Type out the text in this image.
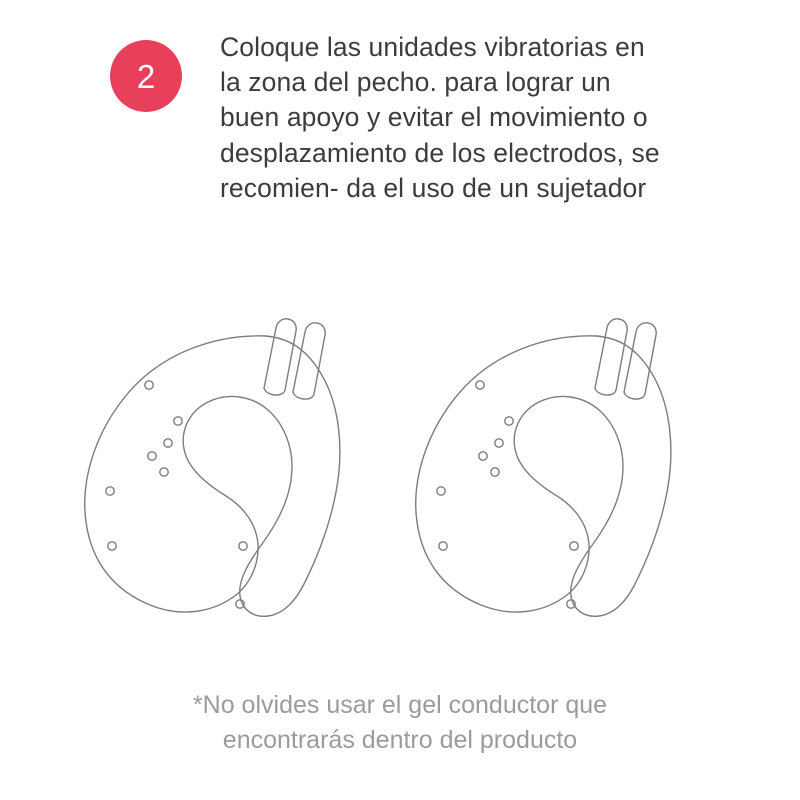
2
Coloque las unidades vibratorias en la zona del pecho. para lograr un buen apoyo y evitar el movimiento o desplazamiento de los electrodos, se recomien- da el uso de un sujetador
*No olvides usar el gel conductor que
encontrarás dentro del producto
